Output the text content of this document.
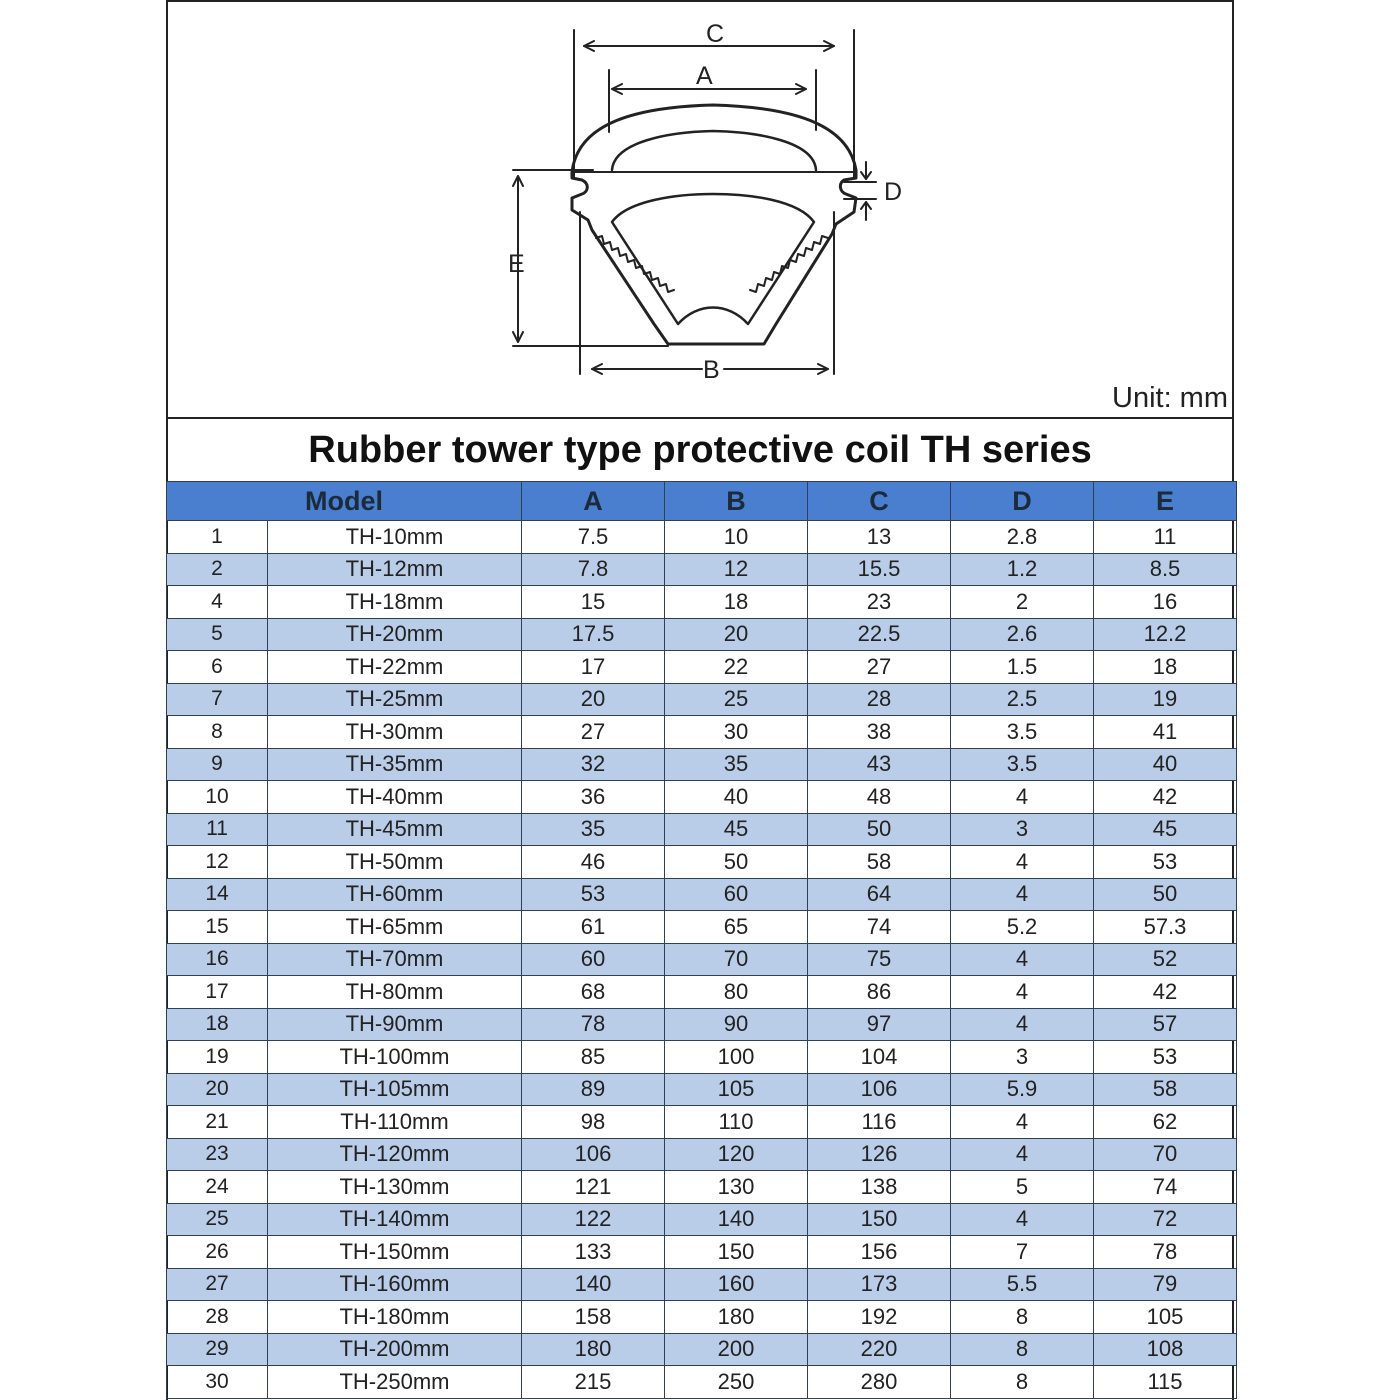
C
A
D
E
B
Unit: mm
Rubber tower type protective coil TH series
Model		A	B	C	D	E
1	TH-10mm	7.5	10	13	2.8	11
2	TH-12mm	7.8	12	15.5	1.2	8.5
4	TH-18mm	15	18	23	2	16
5	TH-20mm	17.5	20	22.5	2.6	12.2
6	TH-22mm	17	22	27	1.5	18
7	TH-25mm	20	25	28	2.5	19
8	TH-30mm	27	30	38	3.5	41
9	TH-35mm	32	35	43	3.5	40
10	TH-40mm	36	40	48	4	42
11	TH-45mm	35	45	50	3	45
12	TH-50mm	46	50	58	4	53
14	TH-60mm	53	60	64	4	50
15	TH-65mm	61	65	74	5.2	57.3
16	TH-70mm	60	70	75	4	52
17	TH-80mm	68	80	86	4	42
18	TH-90mm	78	90	97	4	57
19	TH-100mm	85	100	104	3	53
20	TH-105mm	89	105	106	5.9	58
21	TH-110mm	98	110	116	4	62
23	TH-120mm	106	120	126	4	70
24	TH-130mm	121	130	138	5	74
25	TH-140mm	122	140	150	4	72
26	TH-150mm	133	150	156	7	78
27	TH-160mm	140	160	173	5.5	79
28	TH-180mm	158	180	192	8	105
29	TH-200mm	180	200	220	8	108
30	TH-250mm	215	250	280	8	115
